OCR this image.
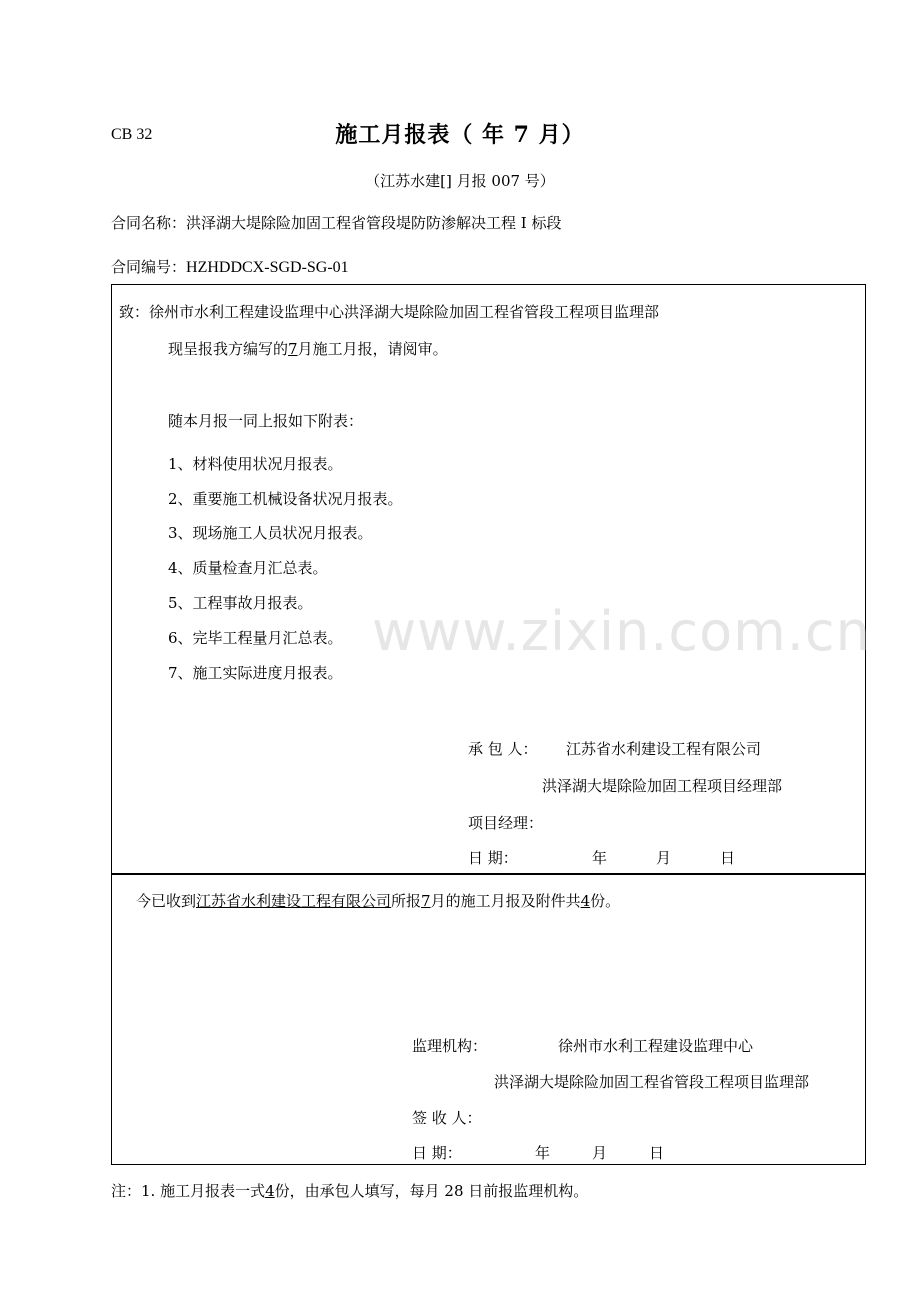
CB 32	施工月报表（ 年 7 月）
（江苏水建[] 月报 007 号）
合同名称：洪泽湖大堤除险加固工程省管段堤防防渗解决工程 I 标段
合同编号：HZHDDCX-SGD-SG-01
致：徐州市水利工程建设监理中心洪泽湖大堤除险加固工程省管段工程项目监理部
现呈报我方编写的7月施工月报，请阅审。
随本月报一同上报如下附表：
1、材料使用状况月报表。
2、重要施工机械设备状况月报表。
3、现场施工人员状况月报表。
4、质量检查月汇总表。
5、工程事故月报表。
6、完毕工程量月汇总表。
7、施工实际进度月报表。
www.zixin.com.cn
承 包 人： 江苏省水利建设工程有限公司
洪泽湖大堤除险加固工程项目经理部
项目经理：
日 期：	年	月	日
今已收到江苏省水利建设工程有限公司所报7月的施工月报及附件共4份。
监理机构：	徐州市水利工程建设监理中心
洪泽湖大堤除险加固工程省管段工程项目监理部
签 收 人：
日 期：	年	月	日
注：1. 施工月报表一式4份，由承包人填写，每月 28 日前报监理机构。
